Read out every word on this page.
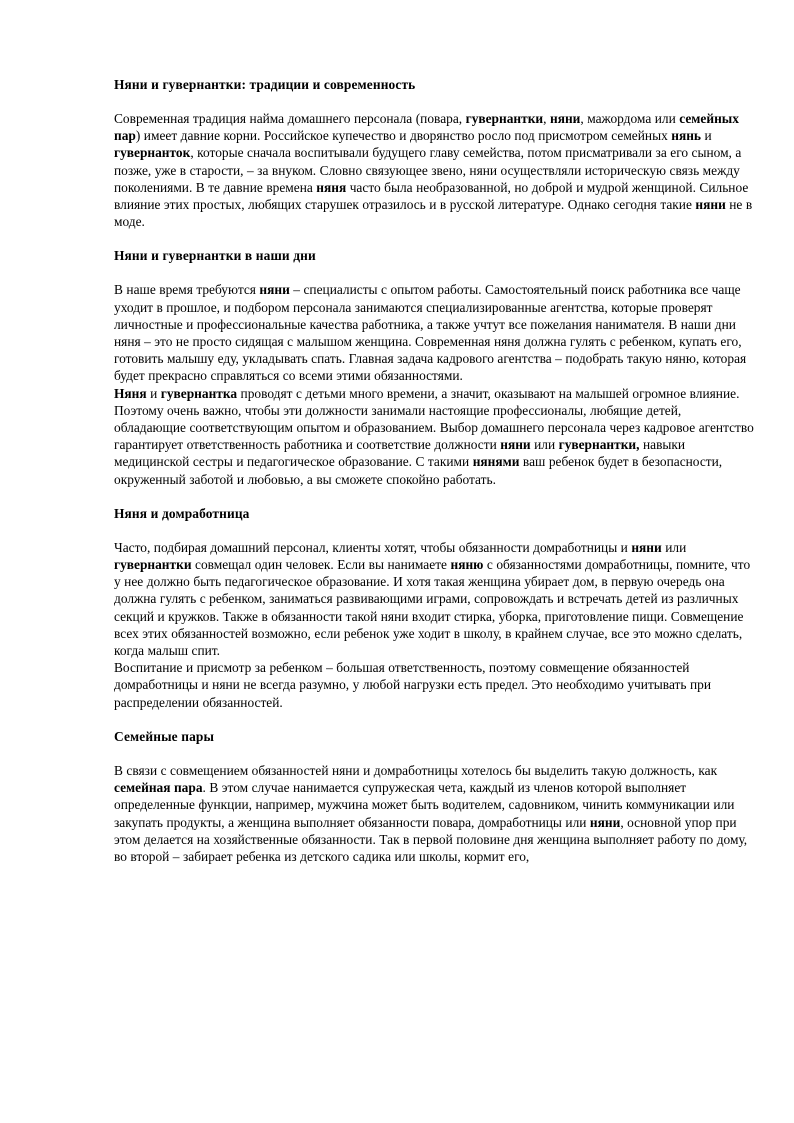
Няни и гувернантки: традиции и современность

Современная традиция найма домашнего персонала (повара, гувернантки, няни, мажордома или семейных пар) имеет давние корни. Российское купечество и дворянство росло под присмотром семейных нянь и гувернанток, которые сначала воспитывали будущего главу семейства, потом присматривали за его сыном, а позже, уже в старости, – за внуком. Словно связующее звено, няни осуществляли историческую связь между поколениями. В те давние времена няня часто была необразованной, но доброй и мудрой женщиной. Сильное влияние этих простых, любящих старушек отразилось и в русской литературе. Однако сегодня такие няни не в моде.

Няни и гувернантки в наши дни

В наше время требуются няни – специалисты с опытом работы. Самостоятельный поиск работника все чаще уходит в прошлое, и подбором персонала занимаются специализированные агентства, которые проверят личностные и профессиональные качества работника, а также учтут все пожелания нанимателя. В наши дни няня – это не просто сидящая с малышом женщина. Современная няня должна гулять с ребенком, купать его, готовить малышу еду, укладывать спать. Главная задача кадрового агентства – подобрать такую няню, которая будет прекрасно справляться со всеми этими обязанностями.

Няня и гувернантка проводят с детьми много времени, а значит, оказывают на малышей огромное влияние. Поэтому очень важно, чтобы эти должности занимали настоящие профессионалы, любящие детей, обладающие соответствующим опытом и образованием. Выбор домашнего персонала через кадровое агентство гарантирует ответственность работника и соответствие должности няни или гувернантки, навыки медицинской сестры и педагогическое образование. С такими нянями ваш ребенок будет в безопасности, окруженный заботой и любовью, а вы сможете спокойно работать.

Няня и домработница

Часто, подбирая домашний персонал, клиенты хотят, чтобы обязанности домработницы и няни или гувернантки совмещал один человек. Если вы нанимаете няню с обязанностями домработницы, помните, что у нее должно быть педагогическое образование. И хотя такая женщина убирает дом, в первую очередь она должна гулять с ребенком, заниматься развивающими играми, сопровождать и встречать детей из различных секций и кружков. Также в обязанности такой няни входит стирка, уборка, приготовление пищи. Совмещение всех этих обязанностей возможно, если ребенок уже ходит в школу, в крайнем случае, все это можно сделать, когда малыш спит.

Воспитание и присмотр за ребенком – большая ответственность, поэтому совмещение обязанностей домработницы и няни не всегда разумно, у любой нагрузки есть предел. Это необходимо учитывать при распределении обязанностей.

Семейные пары

В связи с совмещением обязанностей няни и домработницы хотелось бы выделить такую должность, как семейная пара. В этом случае нанимается супружеская чета, каждый из членов которой выполняет определенные функции, например, мужчина может быть водителем, садовником, чинить коммуникации или закупать продукты, а женщина выполняет обязанности повара, домработницы или няни, основной упор при этом делается на хозяйственные обязанности. Так в первой половине дня женщина выполняет работу по дому, во второй – забирает ребенка из детского садика или школы, кормит его,
